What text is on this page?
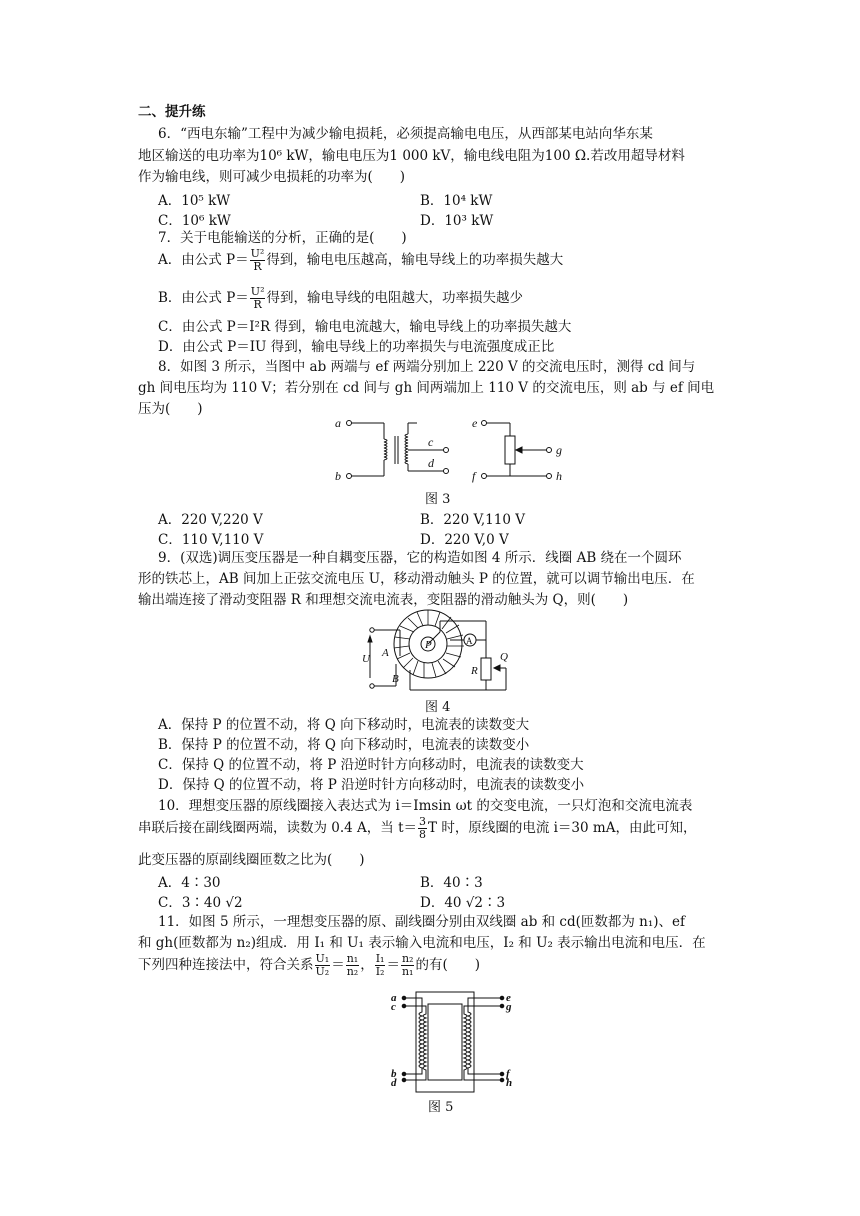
二、提升练
6．“西电东输”工程中为减少输电损耗，必须提高输电电压，从西部某电站向华东某
地区输送的电功率为10⁶ kW，输电电压为1 000 kV，输电线电阻为100 Ω.若改用超导材料
作为输电线，则可减少电损耗的功率为(　　)
A．10⁵ kW	B．10⁴ kW
C．10⁶ kW	D．10³ kW
7．关于电能输送的分析，正确的是(　　)
A．由公式 $P= \frac{\text{U²}}{R}$ 得到，输电电压越高，输电导线上的功率损失越大
B．由公式 $P= \frac{\text{U²}}{R}$ 得到，输电导线的电阻越大，功率损失越少
C．由公式 P＝I²R 得到，输电电流越大，输电导线上的功率损失越大
D．由公式 P＝IU 得到，输电导线上的功率损失与电流强度成正比
8．如图 3 所示，当图中 ab 两端与 ef 两端分别加上 220 V 的交流电压时，测得 cd 间与
gh 间电压均为 110 V；若分别在 cd 间与 gh 间两端加上 110 V 的交流电压，则 ab 与 ef 间电
压为(　　)
a
b
c
d
e
f
g
h
图 3
A．220 V,220 V	B．220 V,110 V
C．110 V,110 V	D．220 V,0 V
9．(双选)调压变压器是一种自耦变压器，它的构造如图 4 所示．线圈 AB 绕在一个圆环
形的铁芯上，AB 间加上正弦交流电压 U，移动滑动触头 P 的位置，就可以调节输出电压．在
输出端连接了滑动变阻器 R 和理想交流电流表，变阻器的滑动触头为 Q，则(　　)
P	A
U A
B
Q
R
图 4
A．保持 P 的位置不动，将 Q 向下移动时，电流表的读数变大
B．保持 P 的位置不动，将 Q 向下移动时，电流表的读数变小
C．保持 Q 的位置不动，将 P 沿逆时针方向移动时，电流表的读数变大
D．保持 Q 的位置不动，将 P 沿逆时针方向移动时，电流表的读数变小
10．理想变压器的原线圈接入表达式为 i＝Imsin ωt 的交变电流，一只灯泡和交流电流表
串联后接在副线圈两端，读数为 0.4 A，当 $t= \frac{3}{8}$ T 时，原线圈的电流 i＝30 mA，由此可知，
此变压器的原副线圈匝数之比为(　　)
A．4∶30	B．40∶3
C．3∶40 √2	D．40 √2∶3
11．如图 5 所示，一理想变压器的原、副线圈分别由双线圈 ab 和 cd(匝数都为 n₁)、ef
和 gh(匝数都为 n₂)组成．用 I₁ 和 U₁ 表示输入电流和电压，I₂ 和 U₂ 表示输出电流和电压．在
下列四种连接法中，符合关系 $\frac{\text{U₁}}{\text{U₂}} = \frac{\text{n₁}}{\text{n₂}}$ ， $\frac{\text{I₁}}{\text{I₂}} = \frac{\text{n₂}}{\text{n₁}}$ 的有(　　)
a
c
e
g
b
d
f
h
图 5
